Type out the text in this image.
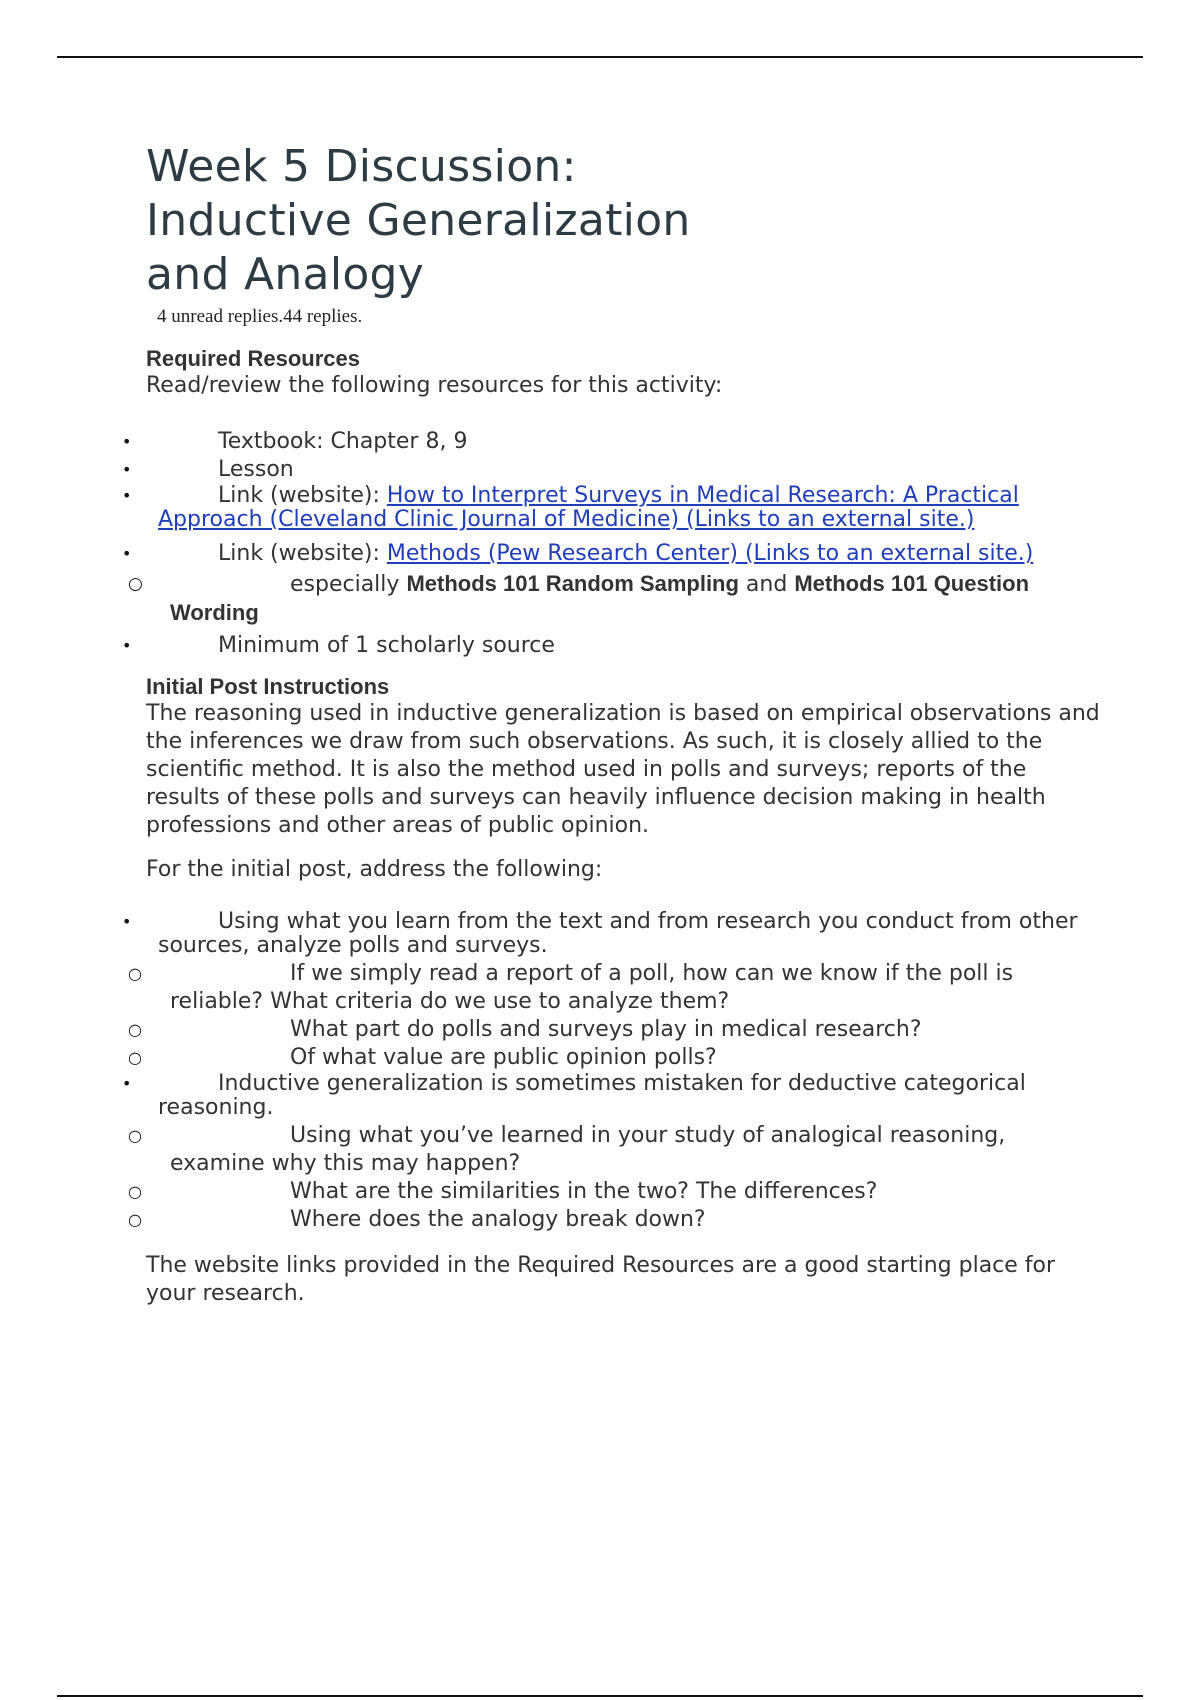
Week 5 Discussion:
Inductive Generalization
and Analogy
4 unread replies.44 replies.
Required Resources

Read/review the following resources for this activity:

•	Textbook: Chapter 8, 9
•	Lesson
•	Link (website): How to Interpret Surveys in Medical Research: A Practical Approach (Cleveland Clinic Journal of Medicine) (Links to an external site.)
•	Link (website): Methods (Pew Research Center) (Links to an external site.)
○	especially Methods 101 Random Sampling and Methods 101 Question Wording
•	Minimum of 1 scholarly source
Initial Post Instructions

The reasoning used in inductive generalization is based on empirical observations and the inferences we draw from such observations. As such, it is closely allied to the scientific method. It is also the method used in polls and surveys; reports of the results of these polls and surveys can heavily influence decision making in health professions and other areas of public opinion.

For the initial post, address the following:

•	Using what you learn from the text and from research you conduct from other sources, analyze polls and surveys.
○	If we simply read a report of a poll, how can we know if the poll is reliable? What criteria do we use to analyze them?
○	What part do polls and surveys play in medical research?
○	Of what value are public opinion polls?
•	Inductive generalization is sometimes mistaken for deductive categorical reasoning.
○	Using what you’ve learned in your study of analogical reasoning, examine why this may happen?
○	What are the similarities in the two? The differences?
○	Where does the analogy break down?

The website links provided in the Required Resources are a good starting place for your research.
